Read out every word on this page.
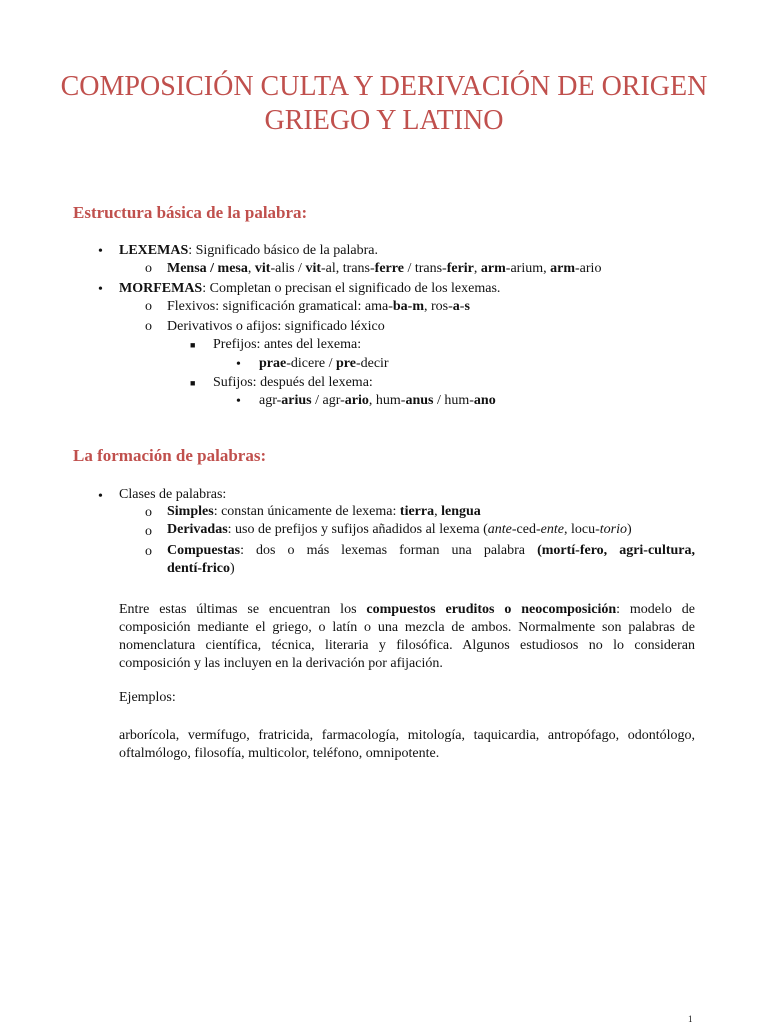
COMPOSICIÓN CULTA Y DERIVACIÓN DE ORIGEN GRIEGO Y LATINO
Estructura básica de la palabra:
• LEXEMAS: Significado básico de la palabra.
o Mensa / mesa, vit-alis / vit-al, trans-ferre / trans-ferir, arm-arium, arm-ario
• MORFEMAS: Completan o precisan el significado de los lexemas.
o Flexivos: significación gramatical: ama-ba-m, ros-a-s
o Derivativos o afijos: significado léxico
■ Prefijos: antes del lexema:
• prae-dicere / pre-decir
■ Sufijos: después del lexema:
• agr-arius / agr-ario, hum-anus / hum-ano
La formación de palabras:
• Clases de palabras:
o Simples: constan únicamente de lexema: tierra, lengua
o Derivadas: uso de prefijos y sufijos añadidos al lexema (ante-ced-ente, locu-torio)
o Compuestas: dos o más lexemas forman una palabra (mortí-fero, agri-cultura,
dentí-frico)
Entre estas últimas se encuentran los compuestos eruditos o neocomposición: modelo de composición mediante el griego, o latín o una mezcla de ambos. Normalmente son palabras de nomenclatura científica, técnica, literaria y filosófica. Algunos estudiosos no lo consideran composición y las incluyen en la derivación por afijación.
Ejemplos:
arborícola, vermífugo, fratricida, farmacología, mitología, taquicardia, antropófago, odontólogo, oftalmólogo, filosofía, multicolor, teléfono, omnipotente.
1
